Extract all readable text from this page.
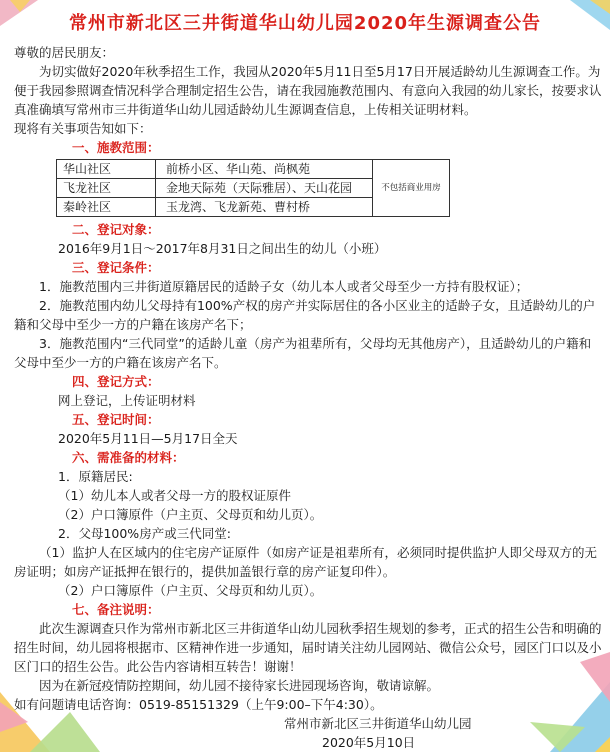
常州市新北区三井街道华山幼儿园2020年生源调查公告

尊敬的居民朋友：

为切实做好2020年秋季招生工作，我园从2020年5月11日至5月17日开展适龄幼儿生源调查工作。为便于我园参照调查情况科学合理制定招生公告，请在我园施教范围内、有意向入我园的幼儿家长，按要求认真准确填写常州市三井街道华山幼儿园适龄幼儿生源调查信息，上传相关证明材料。

现将有关事项告知如下：

一、施教范围：

华山社区	前桥小区、华山苑、尚枫苑	不包括商业用房
飞龙社区	金地天际苑（天际雅居）、天山花园	
秦岭社区	玉龙湾、飞龙新苑、曹村桥	

二、登记对象：

2016年9月1日～2017年8月31日之间出生的幼儿（小班）

三、登记条件：

1．施教范围内三井街道原籍居民的适龄子女（幼儿本人或者父母至少一方持有股权证）；

2．施教范围内幼儿父母持有100%产权的房产并实际居住的各小区业主的适龄子女，且适龄幼儿的户籍和父母中至少一方的户籍在该房产名下；

3．施教范围内“三代同堂”的适龄儿童（房产为祖辈所有，父母均无其他房产），且适龄幼儿的户籍和父母中至少一方的户籍在该房产名下。

四、登记方式：

网上登记，上传证明材料

五、登记时间：

2020年5月11日—5月17日全天

六、需准备的材料：

1．原籍居民:

（1）幼儿本人或者父母一方的股权证原件

（2）户口簿原件（户主页、父母页和幼儿页）。

2．父母100%房产或三代同堂:

（1）监护人在区域内的住宅房产证原件（如房产证是祖辈所有，必须同时提供监护人即父母双方的无房证明；如房产证抵押在银行的，提供加盖银行章的房产证复印件）。

（2）户口簿原件（户主页、父母页和幼儿页）。

七、备注说明：

此次生源调查只作为常州市新北区三井街道华山幼儿园秋季招生规划的参考，正式的招生公告和明确的招生时间，幼儿园将根据市、区精神作进一步通知，届时请关注幼儿园网站、微信公众号，园区门口以及小区门口的招生公告。此公告内容请相互转告！谢谢！

因为在新冠疫情防控期间，幼儿园不接待家长进园现场咨询，敬请谅解。

如有问题请电话咨询：0519-85151329（上午9:00–下午4:30）。

常州市新北区三井街道华山幼儿园

2020年5月10日
